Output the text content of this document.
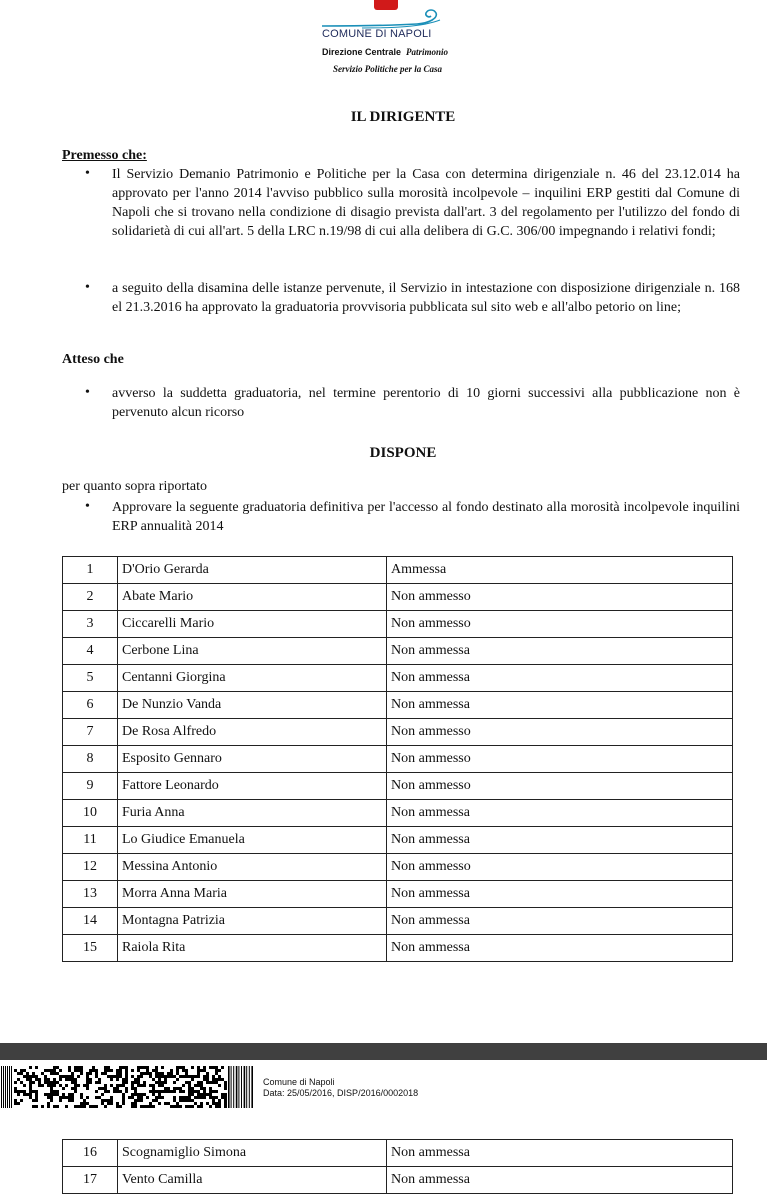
COMUNE DI NAPOLI
Direzione Centrale Patrimonio
Servizio Politiche per la Casa
IL DIRIGENTE
Premesso che:
• Il Servizio Demanio Patrimonio e Politiche per la Casa con determina dirigenziale n. 46 del 23.12.014 ha approvato per l'anno 2014 l'avviso pubblico sulla morosità incolpevole – inquilini ERP gestiti dal Comune di Napoli che si trovano nella condizione di disagio prevista dall'art. 3 del regolamento per l'utilizzo del fondo di solidarietà di cui all'art. 5 della LRC n.19/98 di cui alla delibera di G.C. 306/00 impegnando i relativi fondi;
• a seguito della disamina delle istanze pervenute, il Servizio in intestazione con disposizione dirigenziale n. 168 el 21.3.2016 ha approvato la graduatoria provvisoria pubblicata sul sito web e all'albo petorio on line;
Atteso che
• avverso la suddetta graduatoria, nel termine perentorio di 10 giorni successivi alla pubblicazione non è pervenuto alcun ricorso
DISPONE
per quanto sopra riportato
• Approvare la seguente graduatoria definitiva per l'accesso al fondo destinato alla morosità incolpevole inquilini ERP annualità 2014
1	D'Orio Gerarda	Ammessa
2	Abate Mario	Non ammesso
3	Ciccarelli Mario	Non ammesso
4	Cerbone Lina	Non ammessa
5	Centanni Giorgina	Non ammessa
6	De Nunzio Vanda	Non ammessa
7	De Rosa Alfredo	Non ammesso
8	Esposito Gennaro	Non ammesso
9	Fattore Leonardo	Non ammesso
10	Furia Anna	Non ammessa
11	Lo Giudice Emanuela	Non ammessa
12	Messina Antonio	Non ammesso
13	Morra Anna Maria	Non ammessa
14	Montagna Patrizia	Non ammessa
15	Raiola Rita	Non ammessa
Comune di Napoli
Data: 25/05/2016, DISP/2016/0002018
16	Scognamiglio Simona	Non ammessa
17	Vento Camilla	Non ammessa
